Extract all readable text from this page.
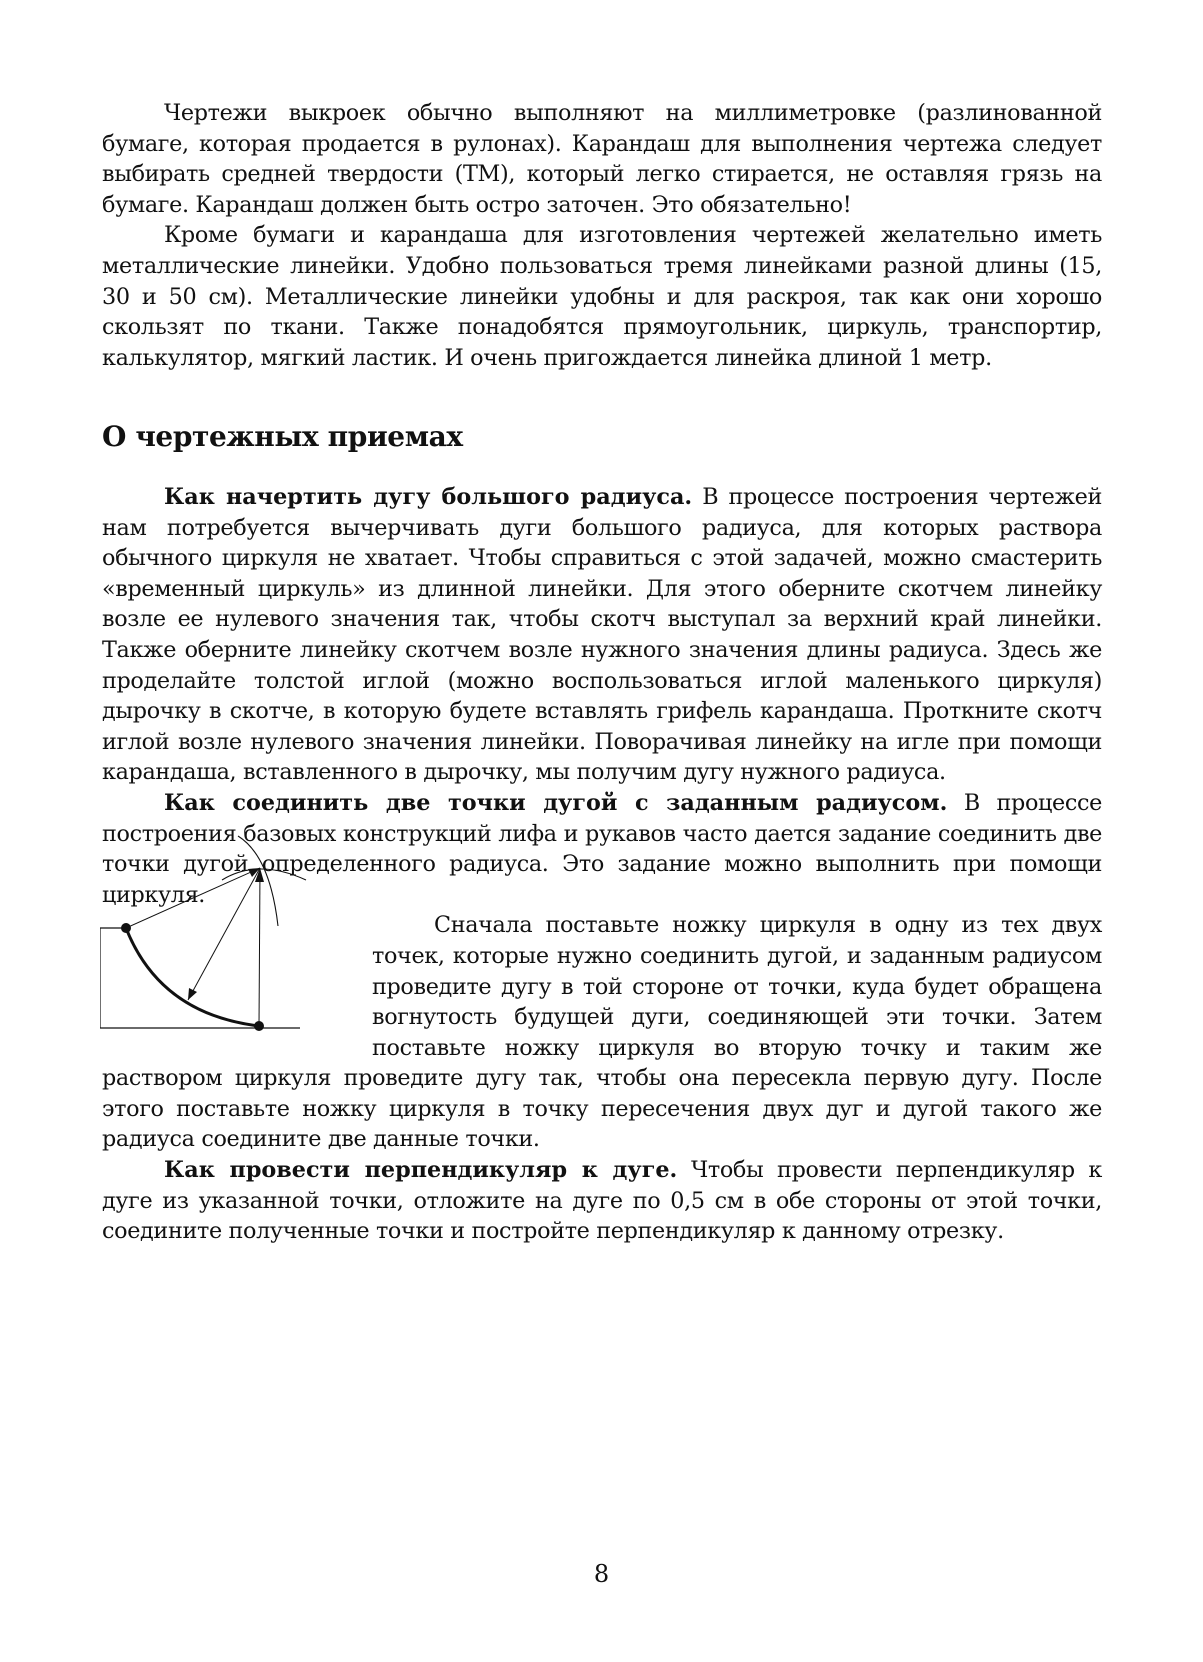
Чертежи выкроек обычно выполняют на миллиметровке (разлинованной бумаге, которая продается в рулонах). Карандаш для выполнения чертежа следует выбирать средней твердости (ТМ), который легко стирается, не оставляя грязь на бумаге. Карандаш должен быть остро заточен. Это обязательно!

Кроме бумаги и карандаша для изготовления чертежей желательно иметь металлические линейки. Удобно пользоваться тремя линейками разной длины (15, 30 и 50 см). Металлические линейки удобны и для раскроя, так как они хорошо скользят по ткани. Также понадобятся прямоугольник, циркуль, транспортир, калькулятор, мягкий ластик. И очень пригождается линейка длиной 1 метр.

О чертежных приемах

Как начертить дугу большого радиуса. В процессе построения чертежей нам потребуется вычерчивать дуги большого радиуса, для которых раствора обычного циркуля не хватает. Чтобы справиться с этой задачей, можно смастерить «временный циркуль» из длинной линейки. Для этого оберните скотчем линейку возле ее нулевого значения так, чтобы скотч выступал за верхний край линейки. Также оберните линейку скотчем возле нужного значения длины радиуса. Здесь же проделайте толстой иглой (можно воспользоваться иглой маленького циркуля) дырочку в скотче, в которую будете вставлять грифель карандаша. Проткните скотч иглой возле нулевого значения линейки. Поворачивая линейку на игле при помощи карандаша, вставленного в дырочку, мы получим дугу нужного радиуса.

Как соединить две точки дугой с заданным радиусом. В процессе построения базовых конструкций лифа и рукавов часто дается задание соединить две точки дугой определенного радиуса. Это задание можно выполнить при помощи циркуля.

Сначала поставьте ножку циркуля в одну из тех двух точек, которые нужно соединить дугой, и заданным радиусом проведите дугу в той стороне от точки, куда будет обращена вогнутость будущей дуги, соединяющей эти точки. Затем поставьте ножку циркуля во вторую точку и таким же раствором циркуля проведите дугу так, чтобы она пересекла первую дугу. После этого поставьте ножку циркуля в точку пересечения двух дуг и дугой такого же радиуса соедините две данные точки.

Как провести перпендикуляр к дуге. Чтобы провести перпендикуляр к дуге из указанной точки, отложите на дуге по 0,5 см в обе стороны от этой точки, соедините полученные точки и постройте перпендикуляр к данному отрезку.

8
